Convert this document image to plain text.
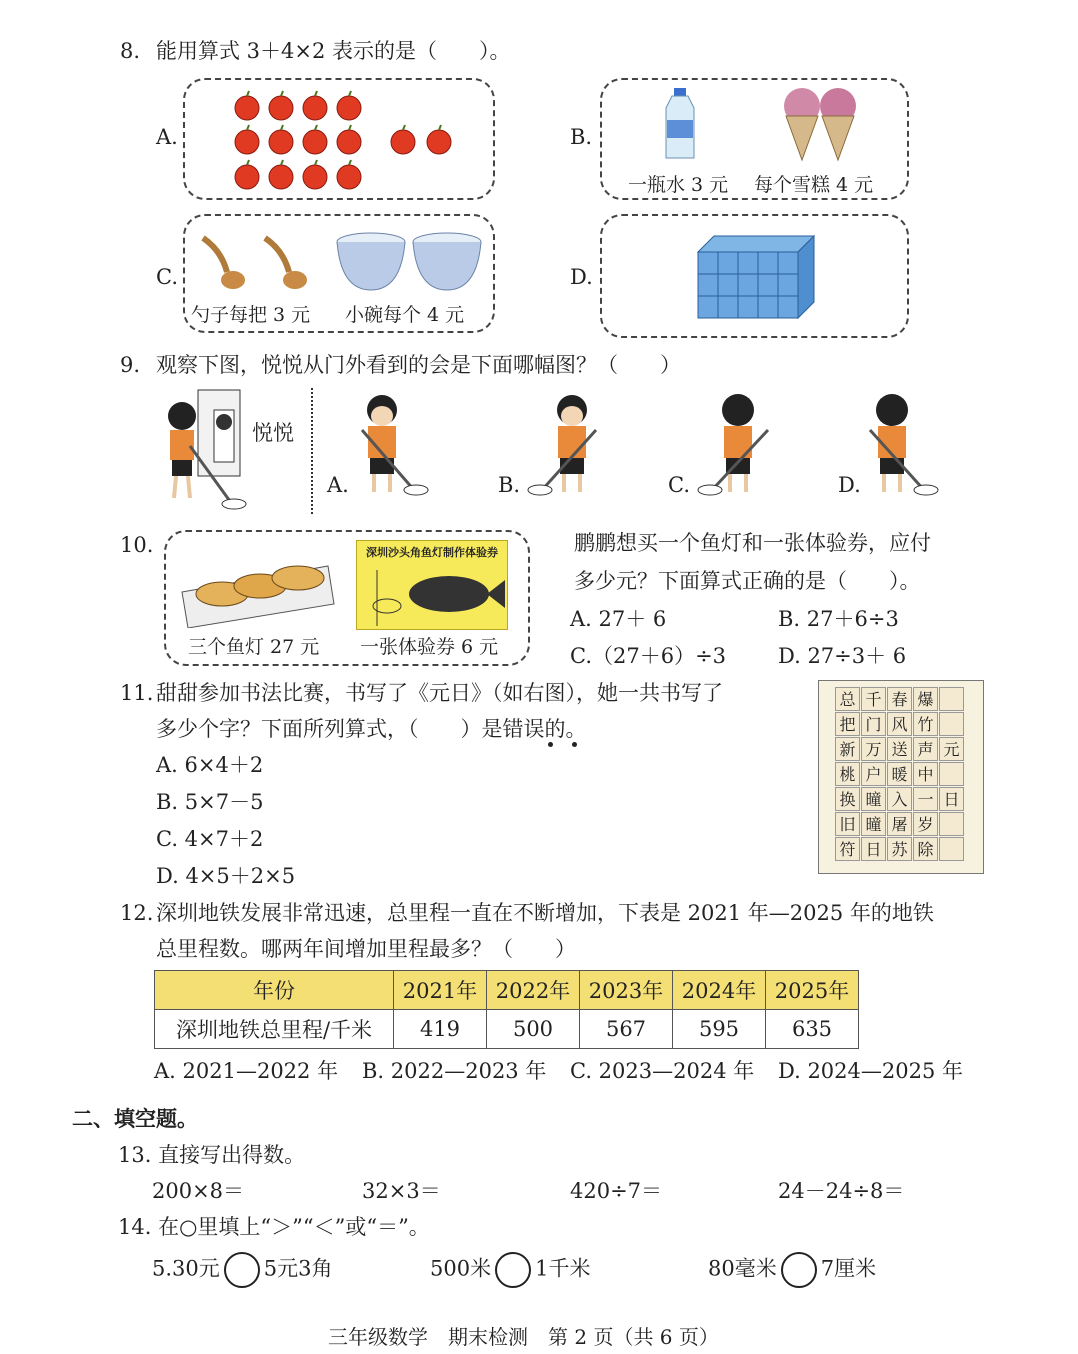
8. 能用算式 3＋4×2 表示的是（　　）。
A.	B.
一瓶水 3 元 每个雪糕 4 元
C.
勺子每把 3 元 小碗每个 4 元
D.
9. 观察下图，悦悦从门外看到的会是下面哪幅图？（　　）
悦悦
A.	B.	C.	D.
10.	深圳沙头角鱼灯制作体验券
三个鱼灯 27 元 一张体验券 6 元
鹏鹏想买一个鱼灯和一张体验券，应付
多少元？下面算式正确的是（　　）。
A. 27＋ 6	B. 27＋6÷3
C.（27＋6）÷3 D. 27÷3＋ 6
11. 甜甜参加书法比赛，书写了《元日》（如右图），她一共书写了
多少个字？下面所列算式，（　　）是错误的。
A. 6×4＋2
B. 5×7－5
C. 4×7＋2
D. 4×5＋2×5
总 千 春 爆
把 门 风 竹
新 万 送 声 元
桃 户 暖 中
换 曈 入 一 日
旧 曈 屠 岁
符 日 苏 除
12. 深圳地铁发展非常迅速，总里程一直在不断增加，下表是 2021 年—2025 年的地铁
总里程数。哪两年间增加里程最多？（　　）
年份	2021年	2022年	2023年	2024年	2025年
深圳地铁总里程/千米	419	500	567	595	635
A. 2021—2022 年 B. 2022—2023 年 C. 2023—2024 年 D. 2024—2025 年
二、填空题。
13. 直接写出得数。
200×8＝	32×3＝	420÷7＝	24－24÷8＝
14. 在○里填上“＞”“＜”或“＝”。
5.30元 5元3角	500米 1千米	80毫米 7厘米
三年级数学　期末检测　第 2 页（共 6 页）
